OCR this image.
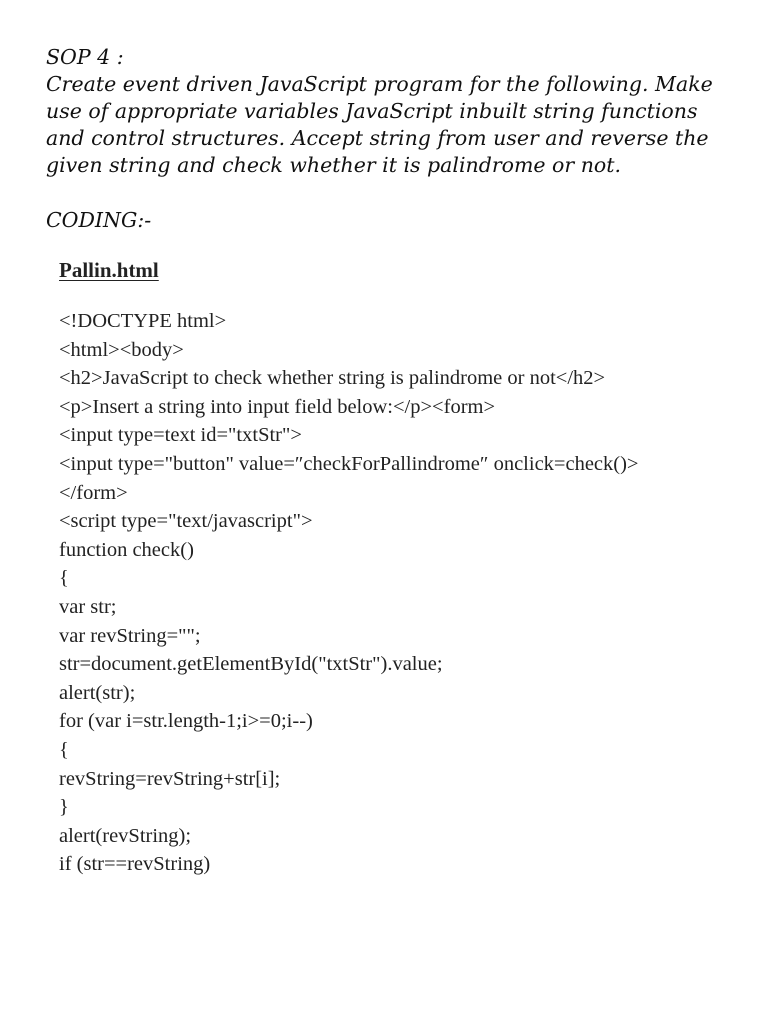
SOP 4 :
Create event driven JavaScript program for the following. Make
use of appropriate variables JavaScript inbuilt string functions
and control structures. Accept string from user and reverse the
given string and check whether it is palindrome or not.
CODING:-
Pallin.html
<!DOCTYPE html>
<html><body>
<h2>JavaScript to check whether string is palindrome or not</h2>
<p>Insert a string into input field below:</p><form>
<input type=text id="txtStr">
<input type="button" value=″checkForPallindrome″ onclick=check()>
</form>
<script type="text/javascript">
function check()
{
var str;
var revString="";
str=document.getElementById("txtStr").value;
alert(str);
for (var i=str.length-1;i>=0;i--)
{
revString=revString+str[i];
}
alert(revString);
if (str==revString)
